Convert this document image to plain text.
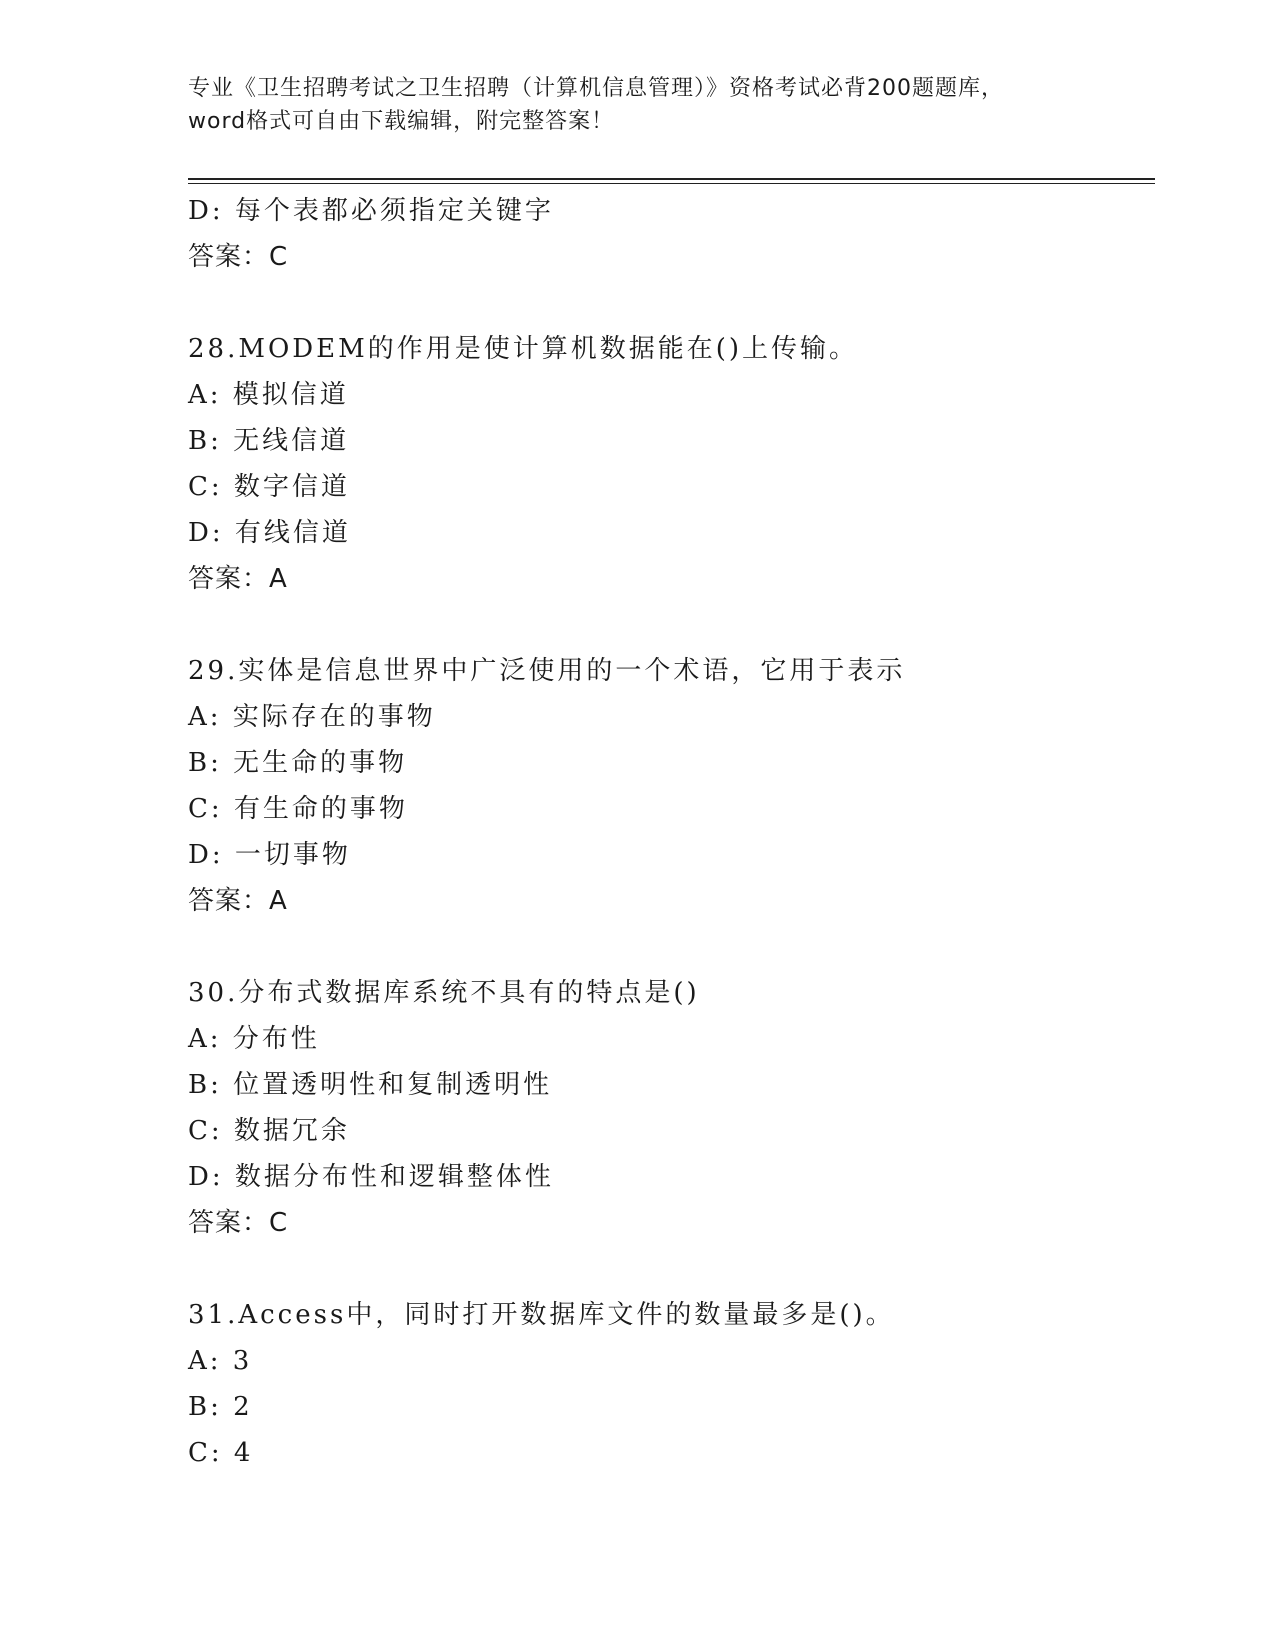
专业《卫生招聘考试之卫生招聘（计算机信息管理）》资格考试必背200题题库，
word格式可自由下载编辑，附完整答案！
D: 每个表都必须指定关键字
答案：C
28.MODEM的作用是使计算机数据能在()上传输。
A: 模拟信道
B: 无线信道
C: 数字信道
D: 有线信道
答案：A
29.实体是信息世界中广泛使用的一个术语，它用于表示
A: 实际存在的事物
B: 无生命的事物
C: 有生命的事物
D: 一切事物
答案：A
30.分布式数据库系统不具有的特点是()
A: 分布性
B: 位置透明性和复制透明性
C: 数据冗余
D: 数据分布性和逻辑整体性
答案：C
31.Access中，同时打开数据库文件的数量最多是()。
A: 3
B: 2
C: 4
